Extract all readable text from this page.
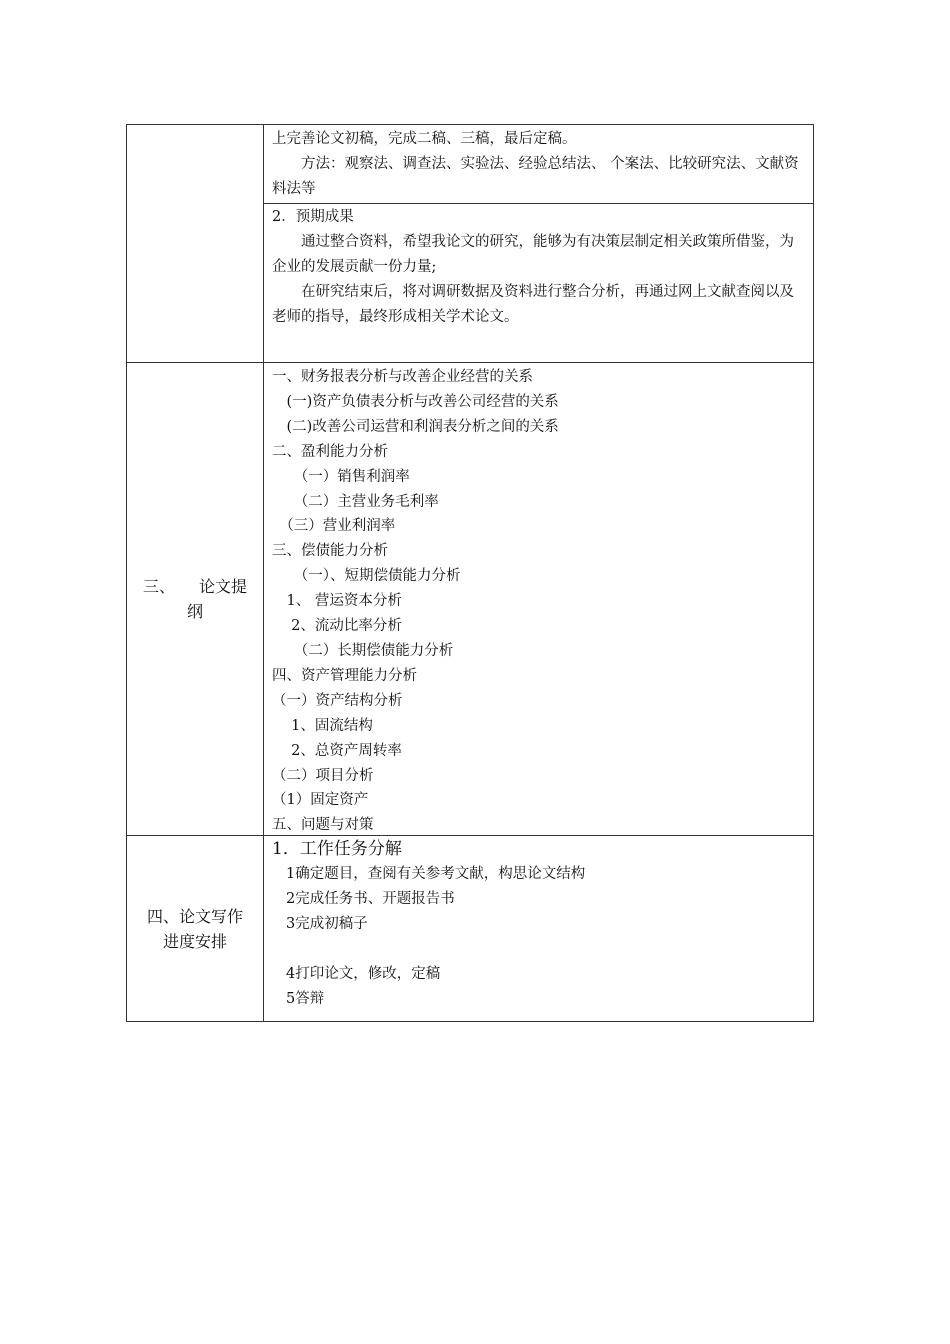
上完善论文初稿，完成二稿、三稿，最后定稿。

方法：观察法、调查法、实验法、经验总结法、 个案法、比较研究法、文献资料法等

2．预期成果

通过整合资料，希望我论文的研究，能够为有决策层制定相关政策所借鉴，为企业的发展贡献一份力量;

在研究结束后，将对调研数据及资料进行整合分析，再通过网上文献查阅以及老师的指导，最终形成相关学术论文。

三、　　论文提
纲

一、财务报表分析与改善企业经营的关系

　(一)资产负债表分析与改善公司经营的关系

　(二)改善公司运营和利润表分析之间的关系

二、盈利能力分析

　　（一）销售利润率

　　（二）主营业务毛利率

　（三）营业利润率

三、偿债能力分析

　　（一）、短期偿债能力分析

　1、 营运资本分析

　 2、流动比率分析

　　（二）长期偿债能力分析

四、资产管理能力分析

（一）资产结构分析

　 1、固流结构

　 2、总资产周转率

（二）项目分析

（1）固定资产

五、问题与对策

四、论文写作
进度安排

1．工作任务分解

1确定题目，查阅有关参考文献，构思论文结构

2完成任务书、开题报告书

3完成初稿子

4打印论文，修改，定稿

5答辩
